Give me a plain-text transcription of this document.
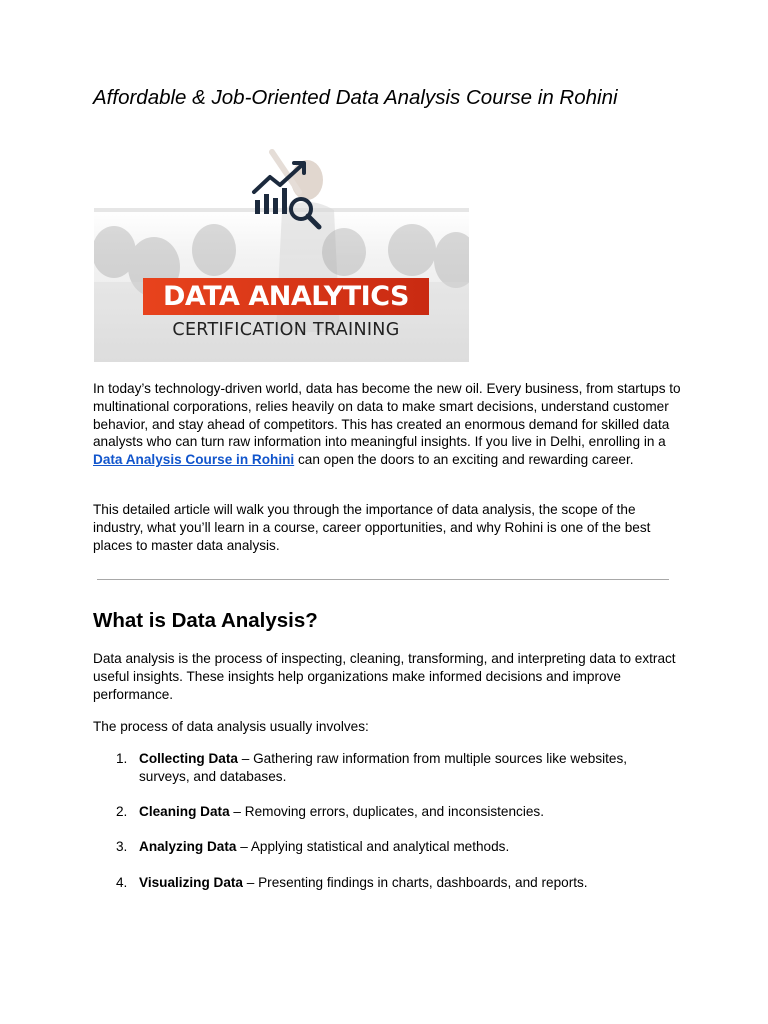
Affordable & Job-Oriented Data Analysis Course in Rohini
DATA ANALYTICS
CERTIFICATION TRAINING

In today’s technology-driven world, data has become the new oil. Every business, from startups to multinational corporations, relies heavily on data to make smart decisions, understand customer behavior, and stay ahead of competitors. This has created an enormous demand for skilled data analysts who can turn raw information into meaningful insights. If you live in Delhi, enrolling in a Data Analysis Course in Rohini can open the doors to an exciting and rewarding career.

This detailed article will walk you through the importance of data analysis, the scope of the industry, what you’ll learn in a course, career opportunities, and why Rohini is one of the best places to master data analysis.

What is Data Analysis?

Data analysis is the process of inspecting, cleaning, transforming, and interpreting data to extract useful insights. These insights help organizations make informed decisions and improve performance.

The process of data analysis usually involves:

1. Collecting Data – Gathering raw information from multiple sources like websites, surveys, and databases.
2. Cleaning Data – Removing errors, duplicates, and inconsistencies.
3. Analyzing Data – Applying statistical and analytical methods.
4. Visualizing Data – Presenting findings in charts, dashboards, and reports.
